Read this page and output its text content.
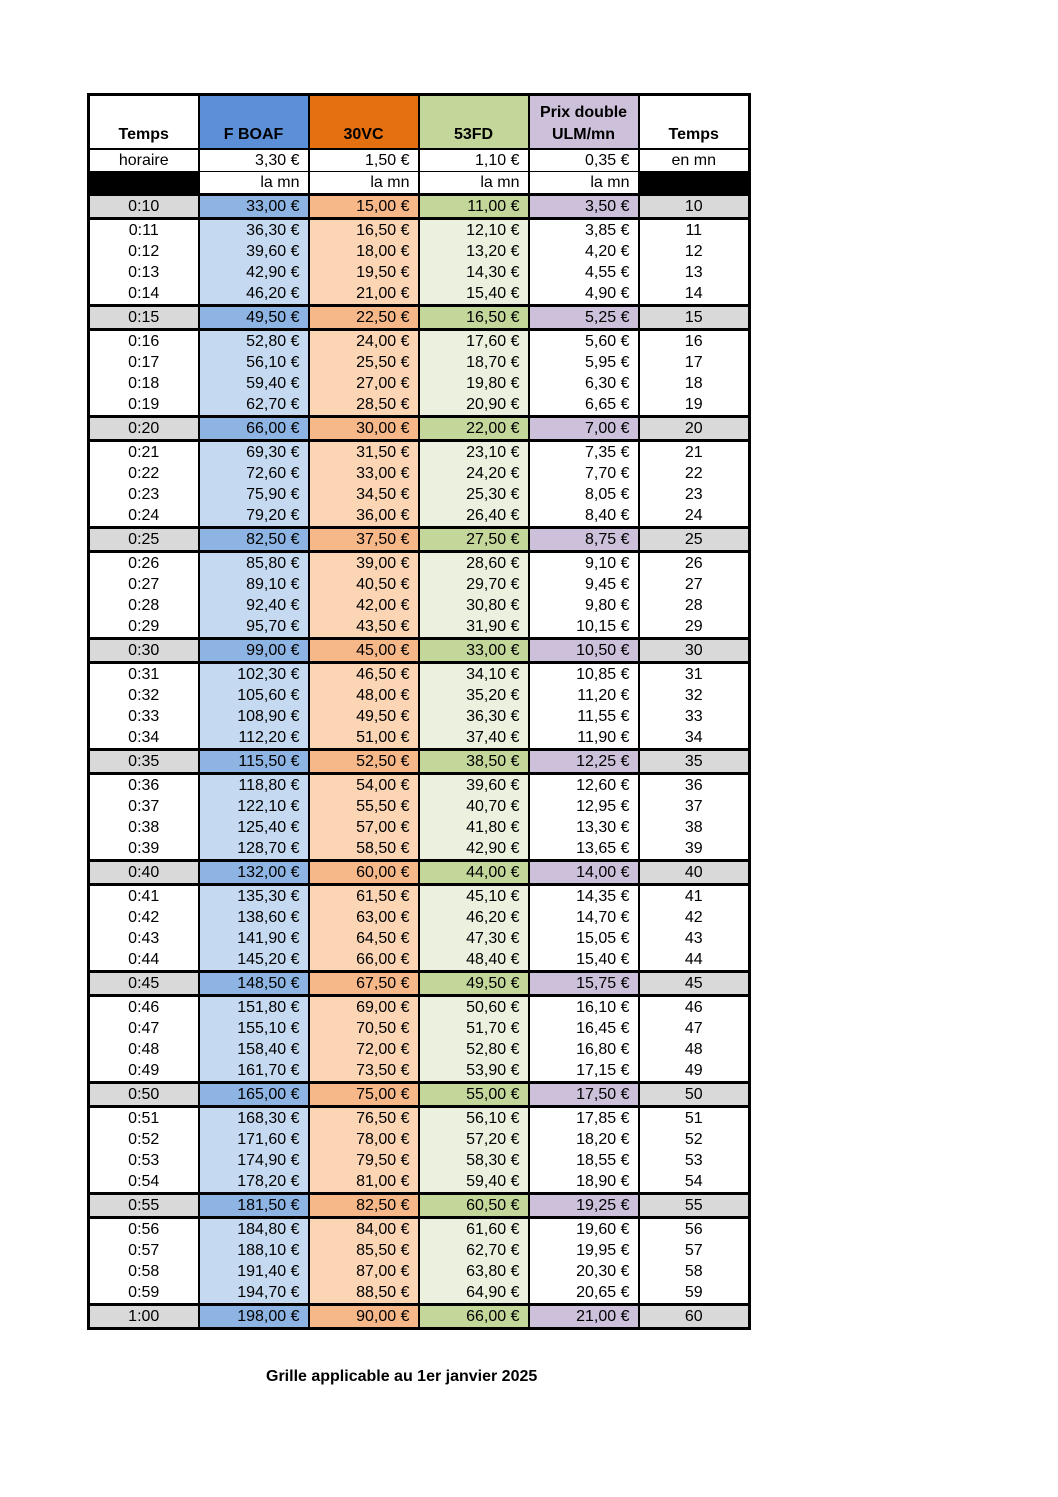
Temps	F BOAF	30VC	53FD	Prix double ULM/mn	Temps
horaire	3,30 €	1,50 €	1,10 €	0,35 €	en mn
	la mn	la mn	la mn	la mn	
0:10	33,00 €	15,00 €	11,00 €	3,50 €	10
0:11	36,30 €	16,50 €	12,10 €	3,85 €	11
0:12	39,60 €	18,00 €	13,20 €	4,20 €	12
0:13	42,90 €	19,50 €	14,30 €	4,55 €	13
0:14	46,20 €	21,00 €	15,40 €	4,90 €	14
0:15	49,50 €	22,50 €	16,50 €	5,25 €	15
0:16	52,80 €	24,00 €	17,60 €	5,60 €	16
0:17	56,10 €	25,50 €	18,70 €	5,95 €	17
0:18	59,40 €	27,00 €	19,80 €	6,30 €	18
0:19	62,70 €	28,50 €	20,90 €	6,65 €	19
0:20	66,00 €	30,00 €	22,00 €	7,00 €	20
0:21	69,30 €	31,50 €	23,10 €	7,35 €	21
0:22	72,60 €	33,00 €	24,20 €	7,70 €	22
0:23	75,90 €	34,50 €	25,30 €	8,05 €	23
0:24	79,20 €	36,00 €	26,40 €	8,40 €	24
0:25	82,50 €	37,50 €	27,50 €	8,75 €	25
0:26	85,80 €	39,00 €	28,60 €	9,10 €	26
0:27	89,10 €	40,50 €	29,70 €	9,45 €	27
0:28	92,40 €	42,00 €	30,80 €	9,80 €	28
0:29	95,70 €	43,50 €	31,90 €	10,15 €	29
0:30	99,00 €	45,00 €	33,00 €	10,50 €	30
0:31	102,30 €	46,50 €	34,10 €	10,85 €	31
0:32	105,60 €	48,00 €	35,20 €	11,20 €	32
0:33	108,90 €	49,50 €	36,30 €	11,55 €	33
0:34	112,20 €	51,00 €	37,40 €	11,90 €	34
0:35	115,50 €	52,50 €	38,50 €	12,25 €	35
0:36	118,80 €	54,00 €	39,60 €	12,60 €	36
0:37	122,10 €	55,50 €	40,70 €	12,95 €	37
0:38	125,40 €	57,00 €	41,80 €	13,30 €	38
0:39	128,70 €	58,50 €	42,90 €	13,65 €	39
0:40	132,00 €	60,00 €	44,00 €	14,00 €	40
0:41	135,30 €	61,50 €	45,10 €	14,35 €	41
0:42	138,60 €	63,00 €	46,20 €	14,70 €	42
0:43	141,90 €	64,50 €	47,30 €	15,05 €	43
0:44	145,20 €	66,00 €	48,40 €	15,40 €	44
0:45	148,50 €	67,50 €	49,50 €	15,75 €	45
0:46	151,80 €	69,00 €	50,60 €	16,10 €	46
0:47	155,10 €	70,50 €	51,70 €	16,45 €	47
0:48	158,40 €	72,00 €	52,80 €	16,80 €	48
0:49	161,70 €	73,50 €	53,90 €	17,15 €	49
0:50	165,00 €	75,00 €	55,00 €	17,50 €	50
0:51	168,30 €	76,50 €	56,10 €	17,85 €	51
0:52	171,60 €	78,00 €	57,20 €	18,20 €	52
0:53	174,90 €	79,50 €	58,30 €	18,55 €	53
0:54	178,20 €	81,00 €	59,40 €	18,90 €	54
0:55	181,50 €	82,50 €	60,50 €	19,25 €	55
0:56	184,80 €	84,00 €	61,60 €	19,60 €	56
0:57	188,10 €	85,50 €	62,70 €	19,95 €	57
0:58	191,40 €	87,00 €	63,80 €	20,30 €	58
0:59	194,70 €	88,50 €	64,90 €	20,65 €	59
1:00	198,00 €	90,00 €	66,00 €	21,00 €	60
Grille applicable au 1er janvier 2025
